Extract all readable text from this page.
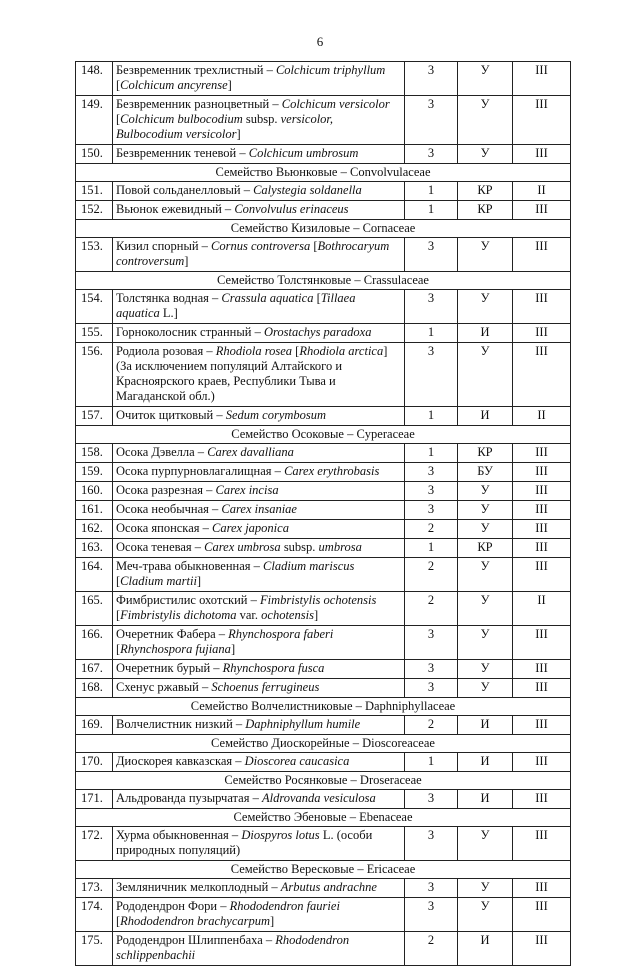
6
148.	Безвременник трехлистный – Colchicum triphyllum [Colchicum ancyrense]	3	У	III
149.	Безвременник разноцветный – Colchicum versicolor [Colchicum bulbocodium subsp. versicolor, Bulbocodium versicolor]	3	У	III
150.	Безвременник теневой – Colchicum umbrosum	3	У	III
Семейство Вьюнковые – Convolvulaceae				
151.	Повой сольданелловый – Calystegia soldanella	1	КР	II
152.	Вьюнок ежевидный – Convolvulus erinaceus	1	КР	III
Семейство Кизиловые – Cornaceae				
153.	Кизил спорный – Cornus controversa [Bothrocaryum controversum]	3	У	III
Семейство Толстянковые – Crassulaceae				
154.	Толстянка водная – Crassula aquatica [Tillaea aquatica L.]	3	У	III
155.	Горноколосник странный – Orostachys paradoxa	1	И	III
156.	Родиола розовая – Rhodiola rosea [Rhodiola arctica] (За исключением популяций Алтайского и Красноярского краев, Республики Тыва и Магаданской обл.)	3	У	III
157.	Очиток щитковый – Sedum corymbosum	1	И	II
Семейство Осоковые – Cyperaceae				
158.	Осока Дэвелла – Carex davalliana	1	КР	III
159.	Осока пурпурновлагалищная – Carex erythrobasis	3	БУ	III
160.	Осока разрезная – Carex incisa	3	У	III
161.	Осока необычная – Carex insaniae	3	У	III
162.	Осока японская – Carex japonica	2	У	III
163.	Осока теневая – Carex umbrosa subsp. umbrosa	1	КР	III
164.	Меч-трава обыкновенная – Cladium mariscus [Cladium martii]	2	У	III
165.	Фимбристилис охотский – Fimbristylis ochotensis [Fimbristylis dichotoma var. ochotensis]	2	У	II
166.	Очеретник Фабера – Rhynchospora faberi [Rhynchospora fujiana]	3	У	III
167.	Очеретник бурый – Rhynchospora fusca	3	У	III
168.	Схенус ржавый – Schoenus ferrugineus	3	У	III
Семейство Волчелистниковые – Daphniphyllaceae				
169.	Волчелистник низкий – Daphniphyllum humile	2	И	III
Семейство Диоскорейные – Dioscoreaceae				
170.	Диоскорея кавказская – Dioscorea caucasica	1	И	III
Семейство Росянковые – Droseraceae				
171.	Альдрованда пузырчатая – Aldrovanda vesiculosa	3	И	III
Семейство Эбеновые – Ebenaceae				
172.	Хурма обыкновенная – Diospyros lotus L. (особи природных популяций)	3	У	III
Семейство Вересковые – Ericaceae				
173.	Земляничник мелкоплодный – Arbutus andrachne	3	У	III
174.	Рододендрон Фори – Rhododendron fauriei [Rhododendron brachycarpum]	3	У	III
175.	Рододендрон Шлиппенбаха – Rhododendron schlippenbachii	2	И	III
